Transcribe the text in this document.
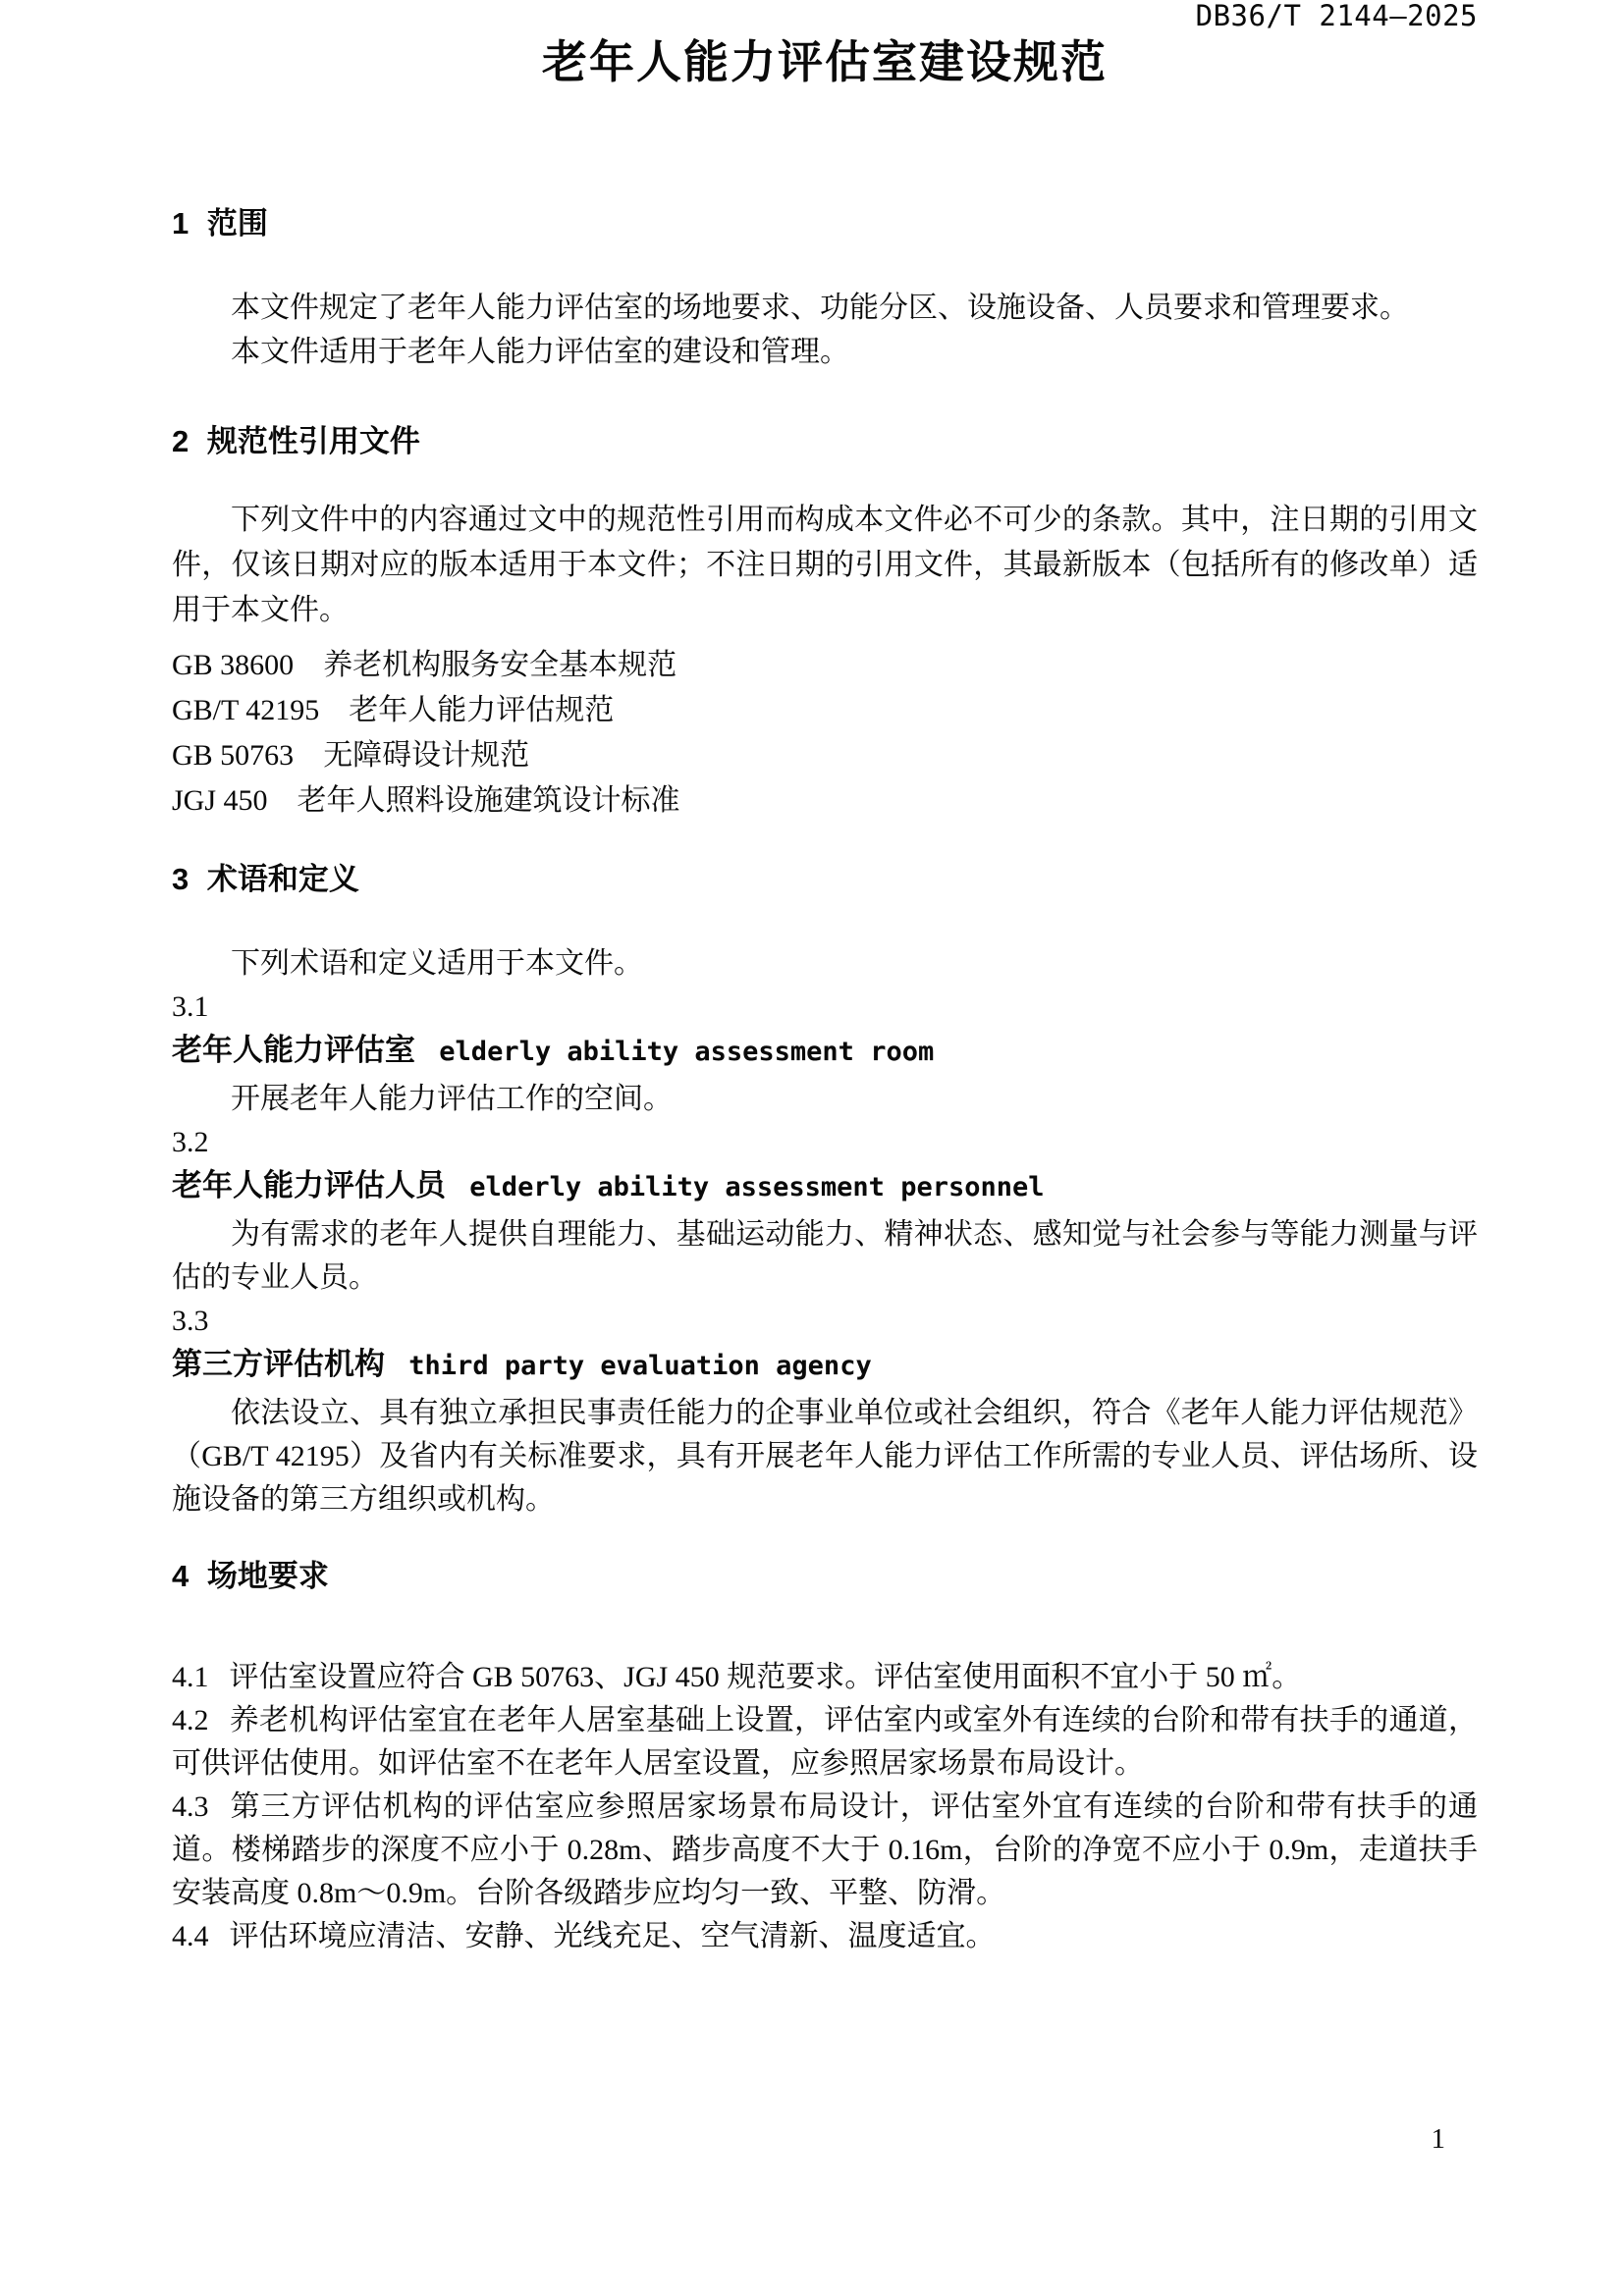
DB36/T 2144—2025

老年人能力评估室建设规范
1 范围

本文件规定了老年人能力评估室的场地要求、功能分区、设施设备、人员要求和管理要求。

本文件适用于老年人能力评估室的建设和管理。

2 规范性引用文件

下列文件中的内容通过文中的规范性引用而构成本文件必不可少的条款。其中，注日期的引用文件，仅该日期对应的版本适用于本文件；不注日期的引用文件，其最新版本（包括所有的修改单）适用于本文件。

GB 38600 养老机构服务安全基本规范

GB/T 42195 老年人能力评估规范

GB 50763 无障碍设计规范

JGJ 450 老年人照料设施建筑设计标准

3 术语和定义

下列术语和定义适用于本文件。

3.1

老年人能力评估室 elderly ability assessment room

开展老年人能力评估工作的空间。

3.2

老年人能力评估人员 elderly ability assessment personnel

为有需求的老年人提供自理能力、基础运动能力、精神状态、感知觉与社会参与等能力测量与评估的专业人员。

3.3

第三方评估机构 third party evaluation agency

依法设立、具有独立承担民事责任能力的企事业单位或社会组织，符合《老年人能力评估规范》（GB/T 42195）及省内有关标准要求，具有开展老年人能力评估工作所需的专业人员、评估场所、设施设备的第三方组织或机构。

4 场地要求

4.1 评估室设置应符合 GB 50763、JGJ 450 规范要求。评估室使用面积不宜小于 50 ㎡。

4.2 养老机构评估室宜在老年人居室基础上设置，评估室内或室外有连续的台阶和带有扶手的通道，可供评估使用。如评估室不在老年人居室设置，应参照居家场景布局设计。

4.3 第三方评估机构的评估室应参照居家场景布局设计，评估室外宜有连续的台阶和带有扶手的通道。楼梯踏步的深度不应小于 0.28m、踏步高度不大于 0.16m，台阶的净宽不应小于 0.9m，走道扶手安装高度 0.8m～0.9m。台阶各级踏步应均匀一致、平整、防滑。

4.4 评估环境应清洁、安静、光线充足、空气清新、温度适宜。

1
